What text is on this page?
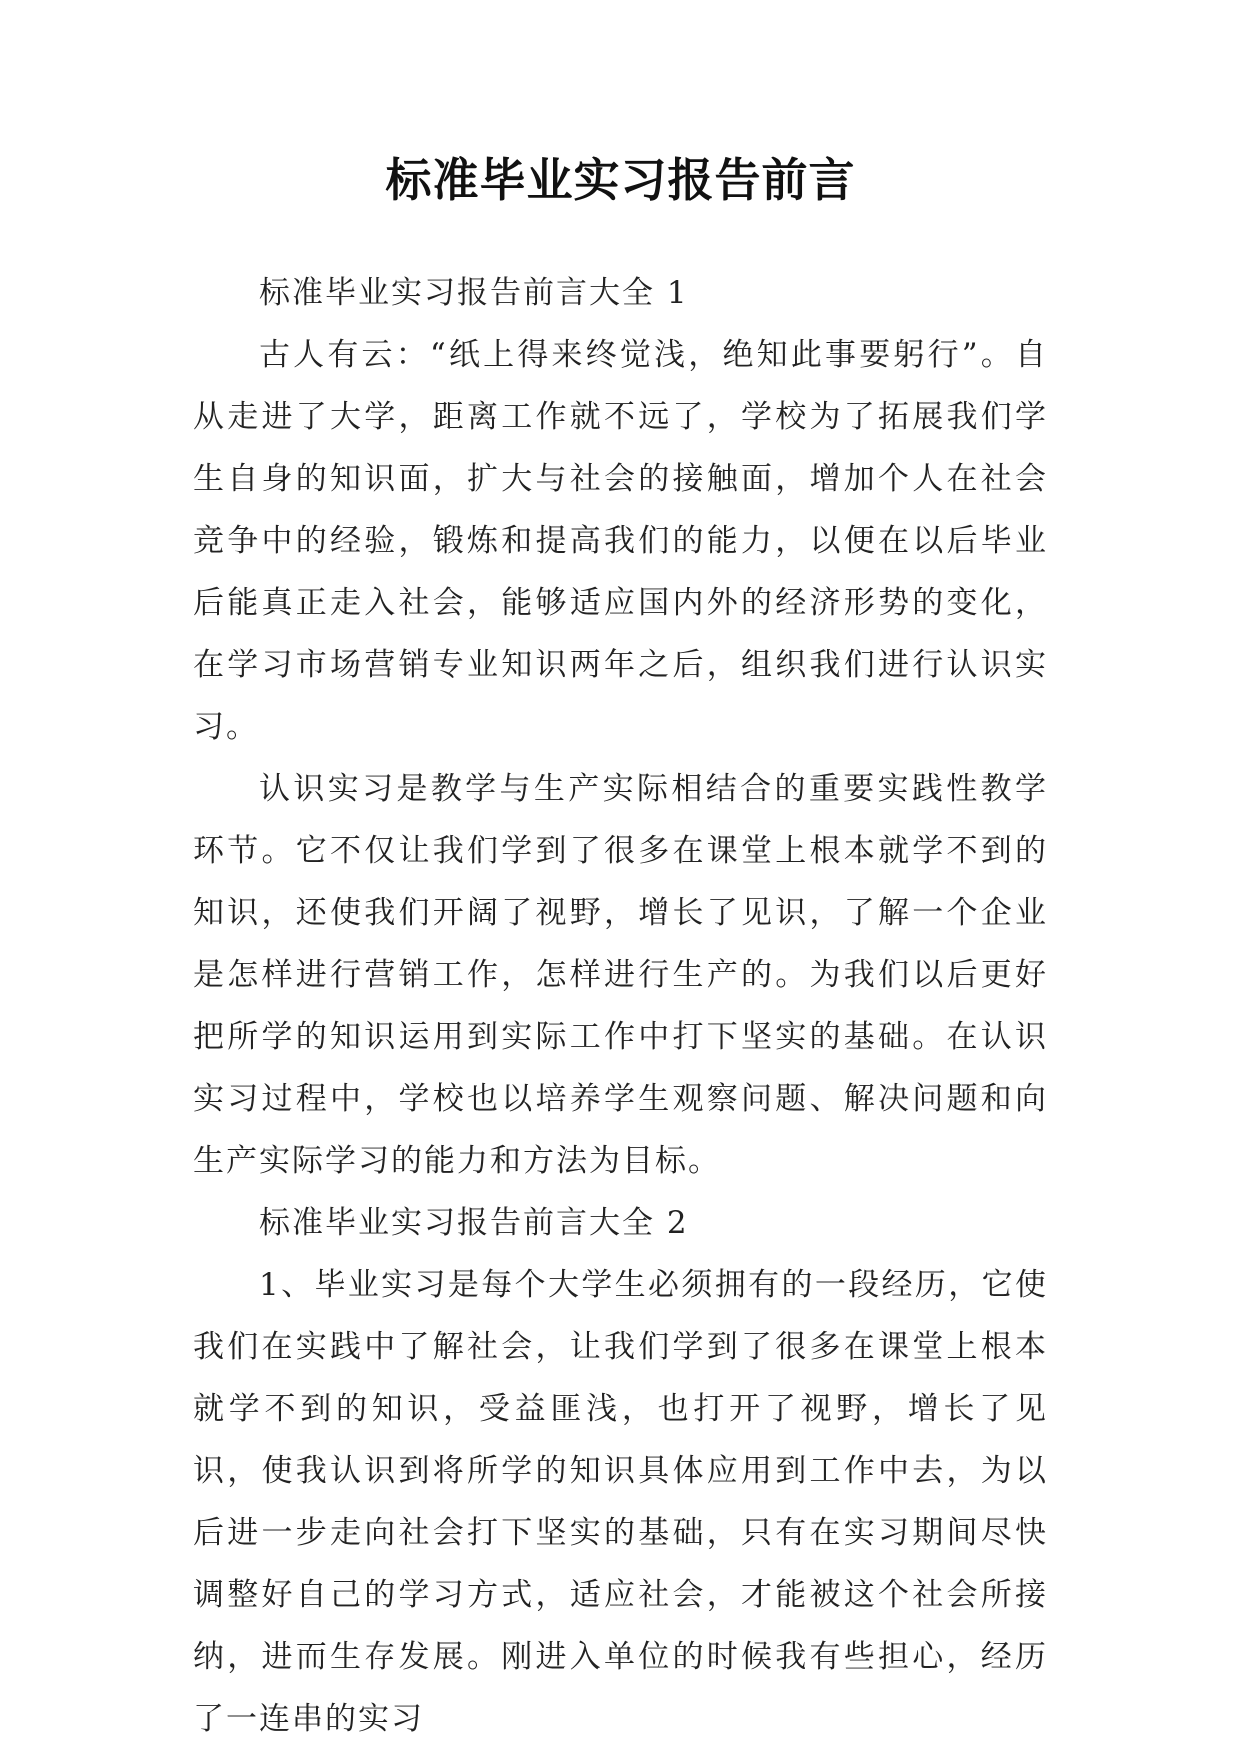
标准毕业实习报告前言

标准毕业实习报告前言大全 1

古人有云：“纸上得来终觉浅，绝知此事要躬行”。自从走进了大学，距离工作就不远了，学校为了拓展我们学生自身的知识面，扩大与社会的接触面，增加个人在社会竞争中的经验，锻炼和提高我们的能力，以便在以后毕业后能真正走入社会，能够适应国内外的经济形势的变化，在学习市场营销专业知识两年之后，组织我们进行认识实习。

认识实习是教学与生产实际相结合的重要实践性教学环节。它不仅让我们学到了很多在课堂上根本就学不到的知识，还使我们开阔了视野，增长了见识，了解一个企业是怎样进行营销工作，怎样进行生产的。为我们以后更好把所学的知识运用到实际工作中打下坚实的基础。在认识实习过程中，学校也以培养学生观察问题、解决问题和向生产实际学习的能力和方法为目标。

标准毕业实习报告前言大全 2

1、毕业实习是每个大学生必须拥有的一段经历，它使我们在实践中了解社会，让我们学到了很多在课堂上根本就学不到的知识，受益匪浅，也打开了视野，增长了见识，使我认识到将所学的知识具体应用到工作中去，为以后进一步走向社会打下坚实的基础，只有在实习期间尽快调整好自己的学习方式，适应社会，才能被这个社会所接纳，进而生存发展。刚进入单位的时候我有些担心，经历了一连串的实习
